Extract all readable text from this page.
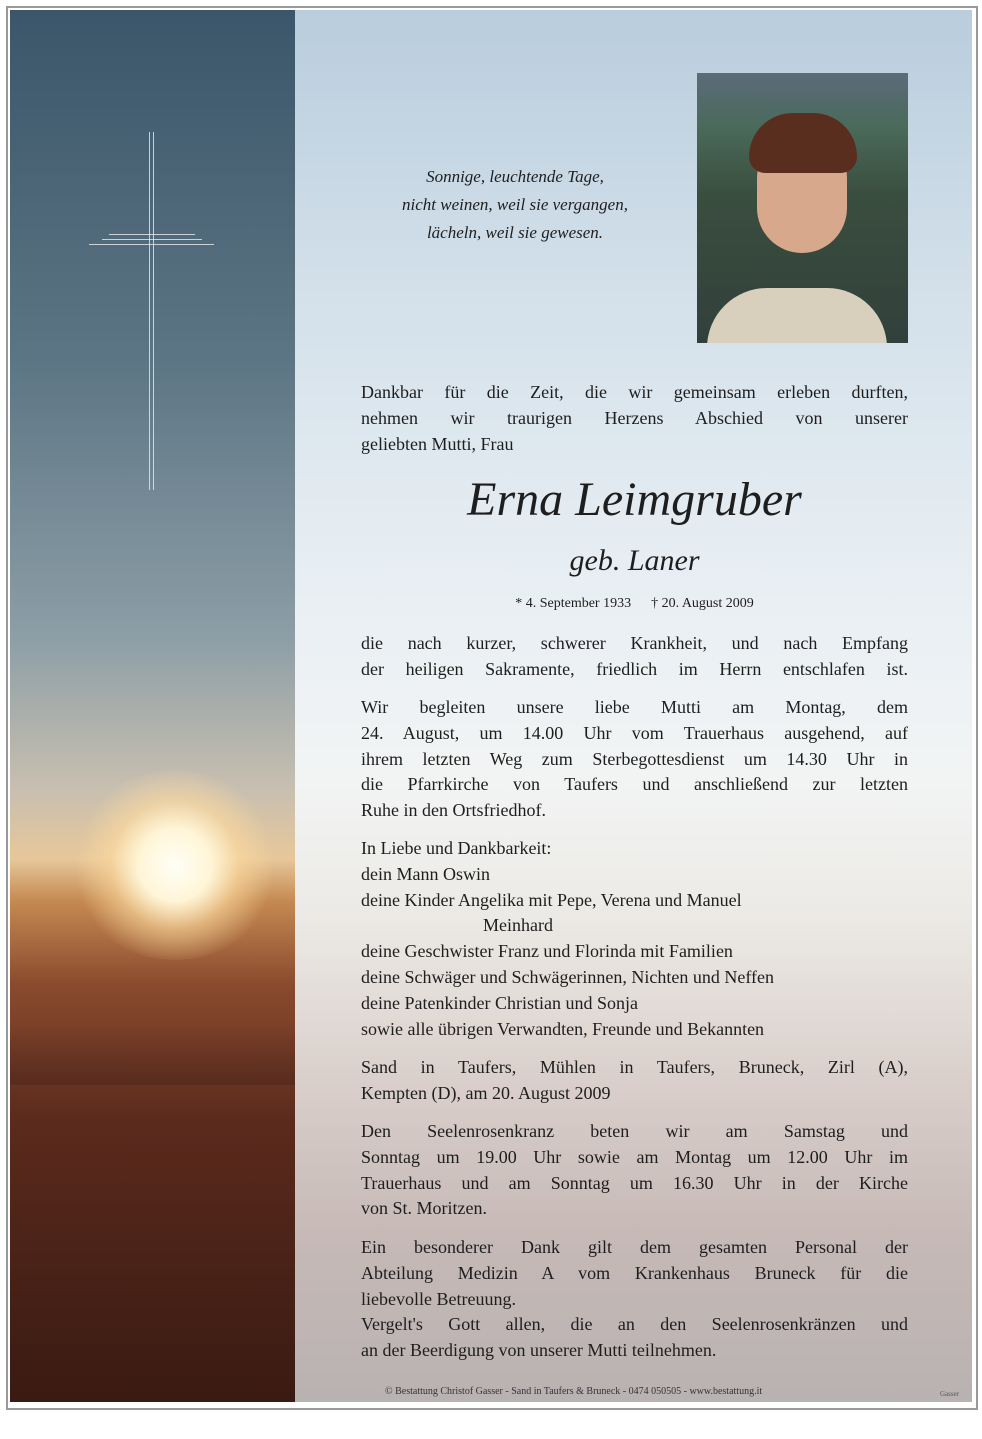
Sonnige, leuchtende Tage,
nicht weinen, weil sie vergangen,
lächeln, weil sie gewesen.
Dankbar für die Zeit, die wir gemeinsam erleben durften,
nehmen wir traurigen Herzens Abschied von unserer
geliebten Mutti, Frau
Erna Leimgruber
geb. Laner
* 4. September 1933 † 20. August 2009
die nach kurzer, schwerer Krankheit, und nach Empfang
der heiligen Sakramente, friedlich im Herrn entschlafen ist.
Wir begleiten unsere liebe Mutti am Montag, dem
24. August, um 14.00 Uhr vom Trauerhaus ausgehend, auf
ihrem letzten Weg zum Sterbegottesdienst um 14.30 Uhr in
die Pfarrkirche von Taufers und anschließend zur letzten
Ruhe in den Ortsfriedhof.
In Liebe und Dankbarkeit:
dein Mann Oswin
deine Kinder Angelika mit Pepe, Verena und Manuel
Meinhard
deine Geschwister Franz und Florinda mit Familien
deine Schwäger und Schwägerinnen, Nichten und Neffen
deine Patenkinder Christian und Sonja
sowie alle übrigen Verwandten, Freunde und Bekannten
Sand in Taufers, Mühlen in Taufers, Bruneck, Zirl (A),
Kempten (D), am 20. August 2009
Den Seelenrosenkranz beten wir am Samstag und
Sonntag um 19.00 Uhr sowie am Montag um 12.00 Uhr im
Trauerhaus und am Sonntag um 16.30 Uhr in der Kirche
von St. Moritzen.
Ein besonderer Dank gilt dem gesamten Personal der
Abteilung Medizin A vom Krankenhaus Bruneck für die
liebevolle Betreuung.
Vergelt's Gott allen, die an den Seelenrosenkränzen und
an der Beerdigung von unserer Mutti teilnehmen.
© Bestattung Christof Gasser - Sand in Taufers & Bruneck - 0474 050505 - www.bestattung.it	Gasser
